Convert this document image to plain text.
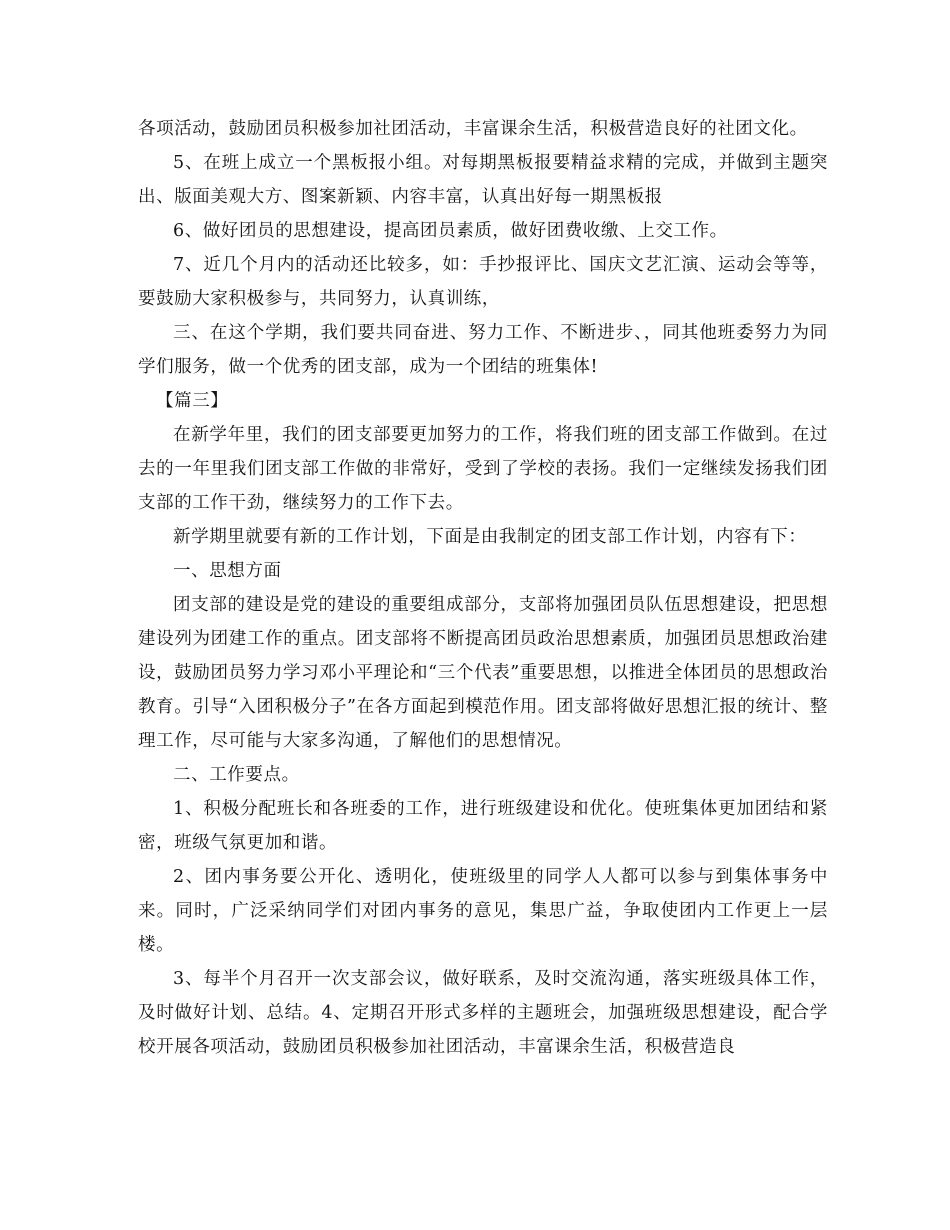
各项活动，鼓励团员积极参加社团活动，丰富课余生活，积极营造良好的社团文化。

5、在班上成立一个黑板报小组。对每期黑板报要精益求精的完成，并做到主题突出、版面美观大方、图案新颖、内容丰富，认真出好每一期黑板报

6、做好团员的思想建设，提高团员素质，做好团费收缴、上交工作。

7、近几个月内的活动还比较多，如：手抄报评比、国庆文艺汇演、运动会等等，要鼓励大家积极参与，共同努力，认真训练，

三、在这个学期，我们要共同奋进、努力工作、不断进步、，同其他班委努力为同学们服务，做一个优秀的团支部，成为一个团结的班集体!

【篇三】

在新学年里，我们的团支部要更加努力的工作，将我们班的团支部工作做到。在过去的一年里我们团支部工作做的非常好，受到了学校的表扬。我们一定继续发扬我们团支部的工作干劲，继续努力的工作下去。

新学期里就要有新的工作计划，下面是由我制定的团支部工作计划，内容有下：

一、思想方面

团支部的建设是党的建设的重要组成部分，支部将加强团员队伍思想建设，把思想建设列为团建工作的重点。团支部将不断提高团员政治思想素质，加强团员思想政治建设，鼓励团员努力学习邓小平理论和“三个代表”重要思想，以推进全体团员的思想政治教育。引导“入团积极分子”在各方面起到模范作用。团支部将做好思想汇报的统计、整理工作，尽可能与大家多沟通，了解他们的思想情况。

二、工作要点。

1、积极分配班长和各班委的工作，进行班级建设和优化。使班集体更加团结和紧密，班级气氛更加和谐。

2、团内事务要公开化、透明化，使班级里的同学人人都可以参与到集体事务中来。同时，广泛采纳同学们对团内事务的意见，集思广益，争取使团内工作更上一层楼。

3、每半个月召开一次支部会议，做好联系，及时交流沟通，落实班级具体工作，及时做好计划、总结。4、定期召开形式多样的主题班会，加强班级思想建设，配合学校开展各项活动，鼓励团员积极参加社团活动，丰富课余生活，积极营造良
